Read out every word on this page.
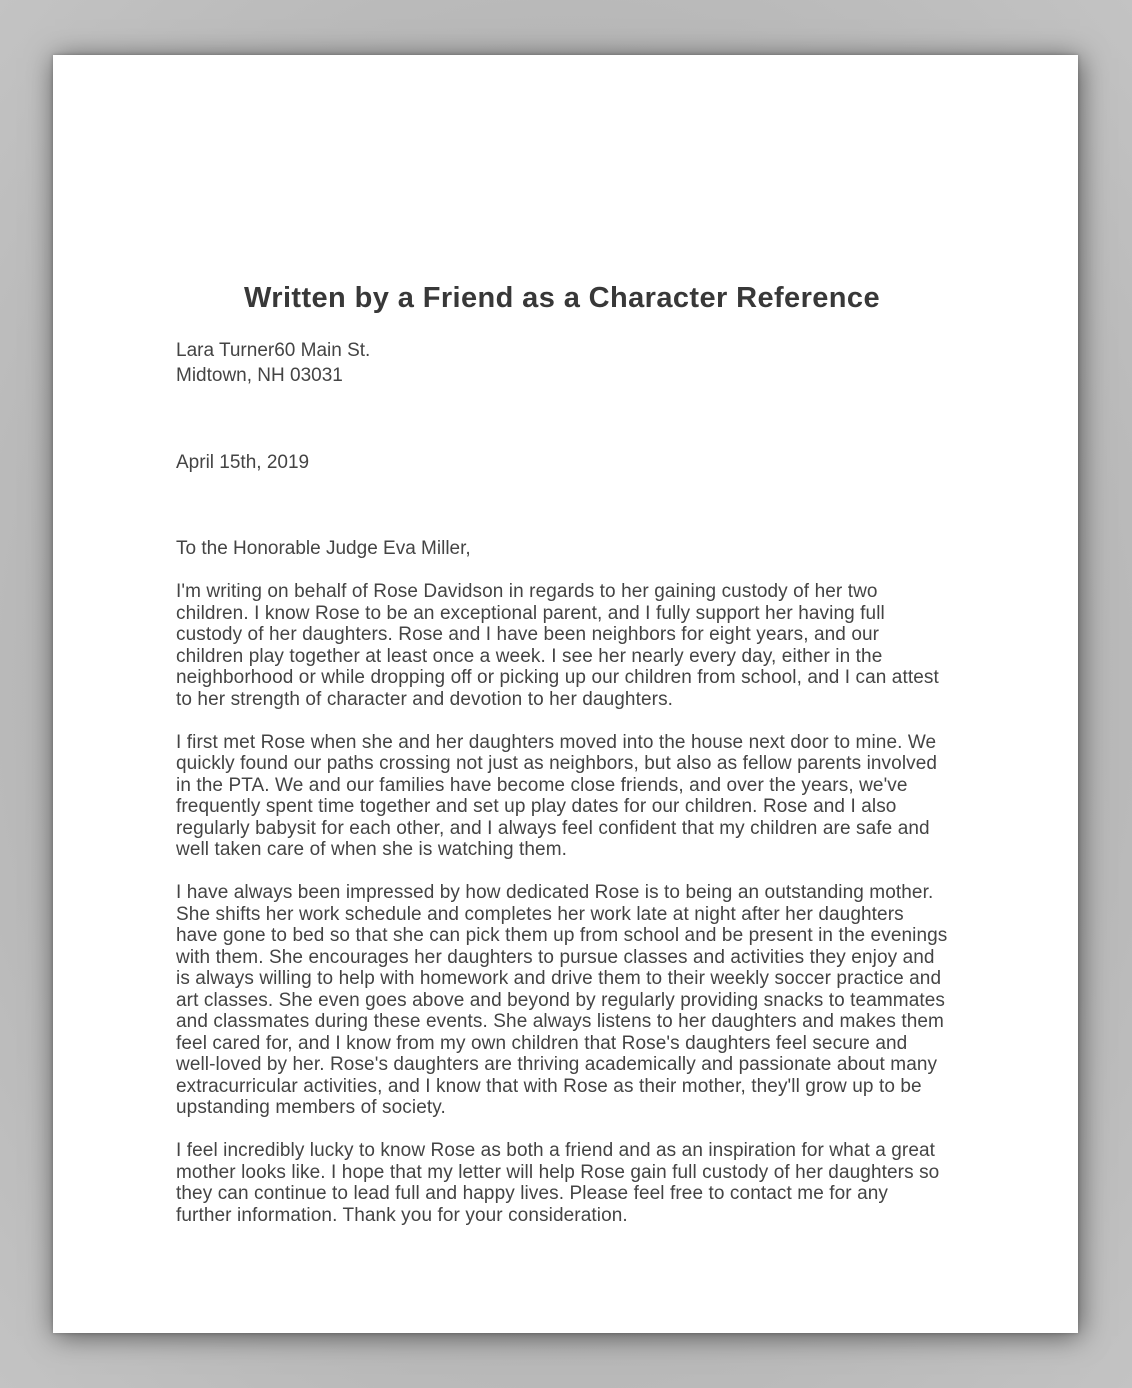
Written by a Friend as a Character Reference
Lara Turner60 Main St.
Midtown, NH 03031
April 15th, 2019
To the Honorable Judge Eva Miller,

I'm writing on behalf of Rose Davidson in regards to her gaining custody of her two children. I know Rose to be an exceptional parent, and I fully support her having full custody of her daughters. Rose and I have been neighbors for eight years, and our children play together at least once a week. I see her nearly every day, either in the neighborhood or while dropping off or picking up our children from school, and I can attest to her strength of character and devotion to her daughters.

I first met Rose when she and her daughters moved into the house next door to mine. We quickly found our paths crossing not just as neighbors, but also as fellow parents involved in the PTA. We and our families have become close friends, and over the years, we've frequently spent time together and set up play dates for our children. Rose and I also regularly babysit for each other, and I always feel confident that my children are safe and well taken care of when she is watching them.

I have always been impressed by how dedicated Rose is to being an outstanding mother. She shifts her work schedule and completes her work late at night after her daughters have gone to bed so that she can pick them up from school and be present in the evenings with them. She encourages her daughters to pursue classes and activities they enjoy and is always willing to help with homework and drive them to their weekly soccer practice and art classes. She even goes above and beyond by regularly providing snacks to teammates and classmates during these events. She always listens to her daughters and makes them feel cared for, and I know from my own children that Rose's daughters feel secure and well-loved by her. Rose's daughters are thriving academically and passionate about many extracurricular activities, and I know that with Rose as their mother, they'll grow up to be upstanding members of society.

I feel incredibly lucky to know Rose as both a friend and as an inspiration for what a great mother looks like. I hope that my letter will help Rose gain full custody of her daughters so they can continue to lead full and happy lives. Please feel free to contact me for any further information. Thank you for your consideration.
